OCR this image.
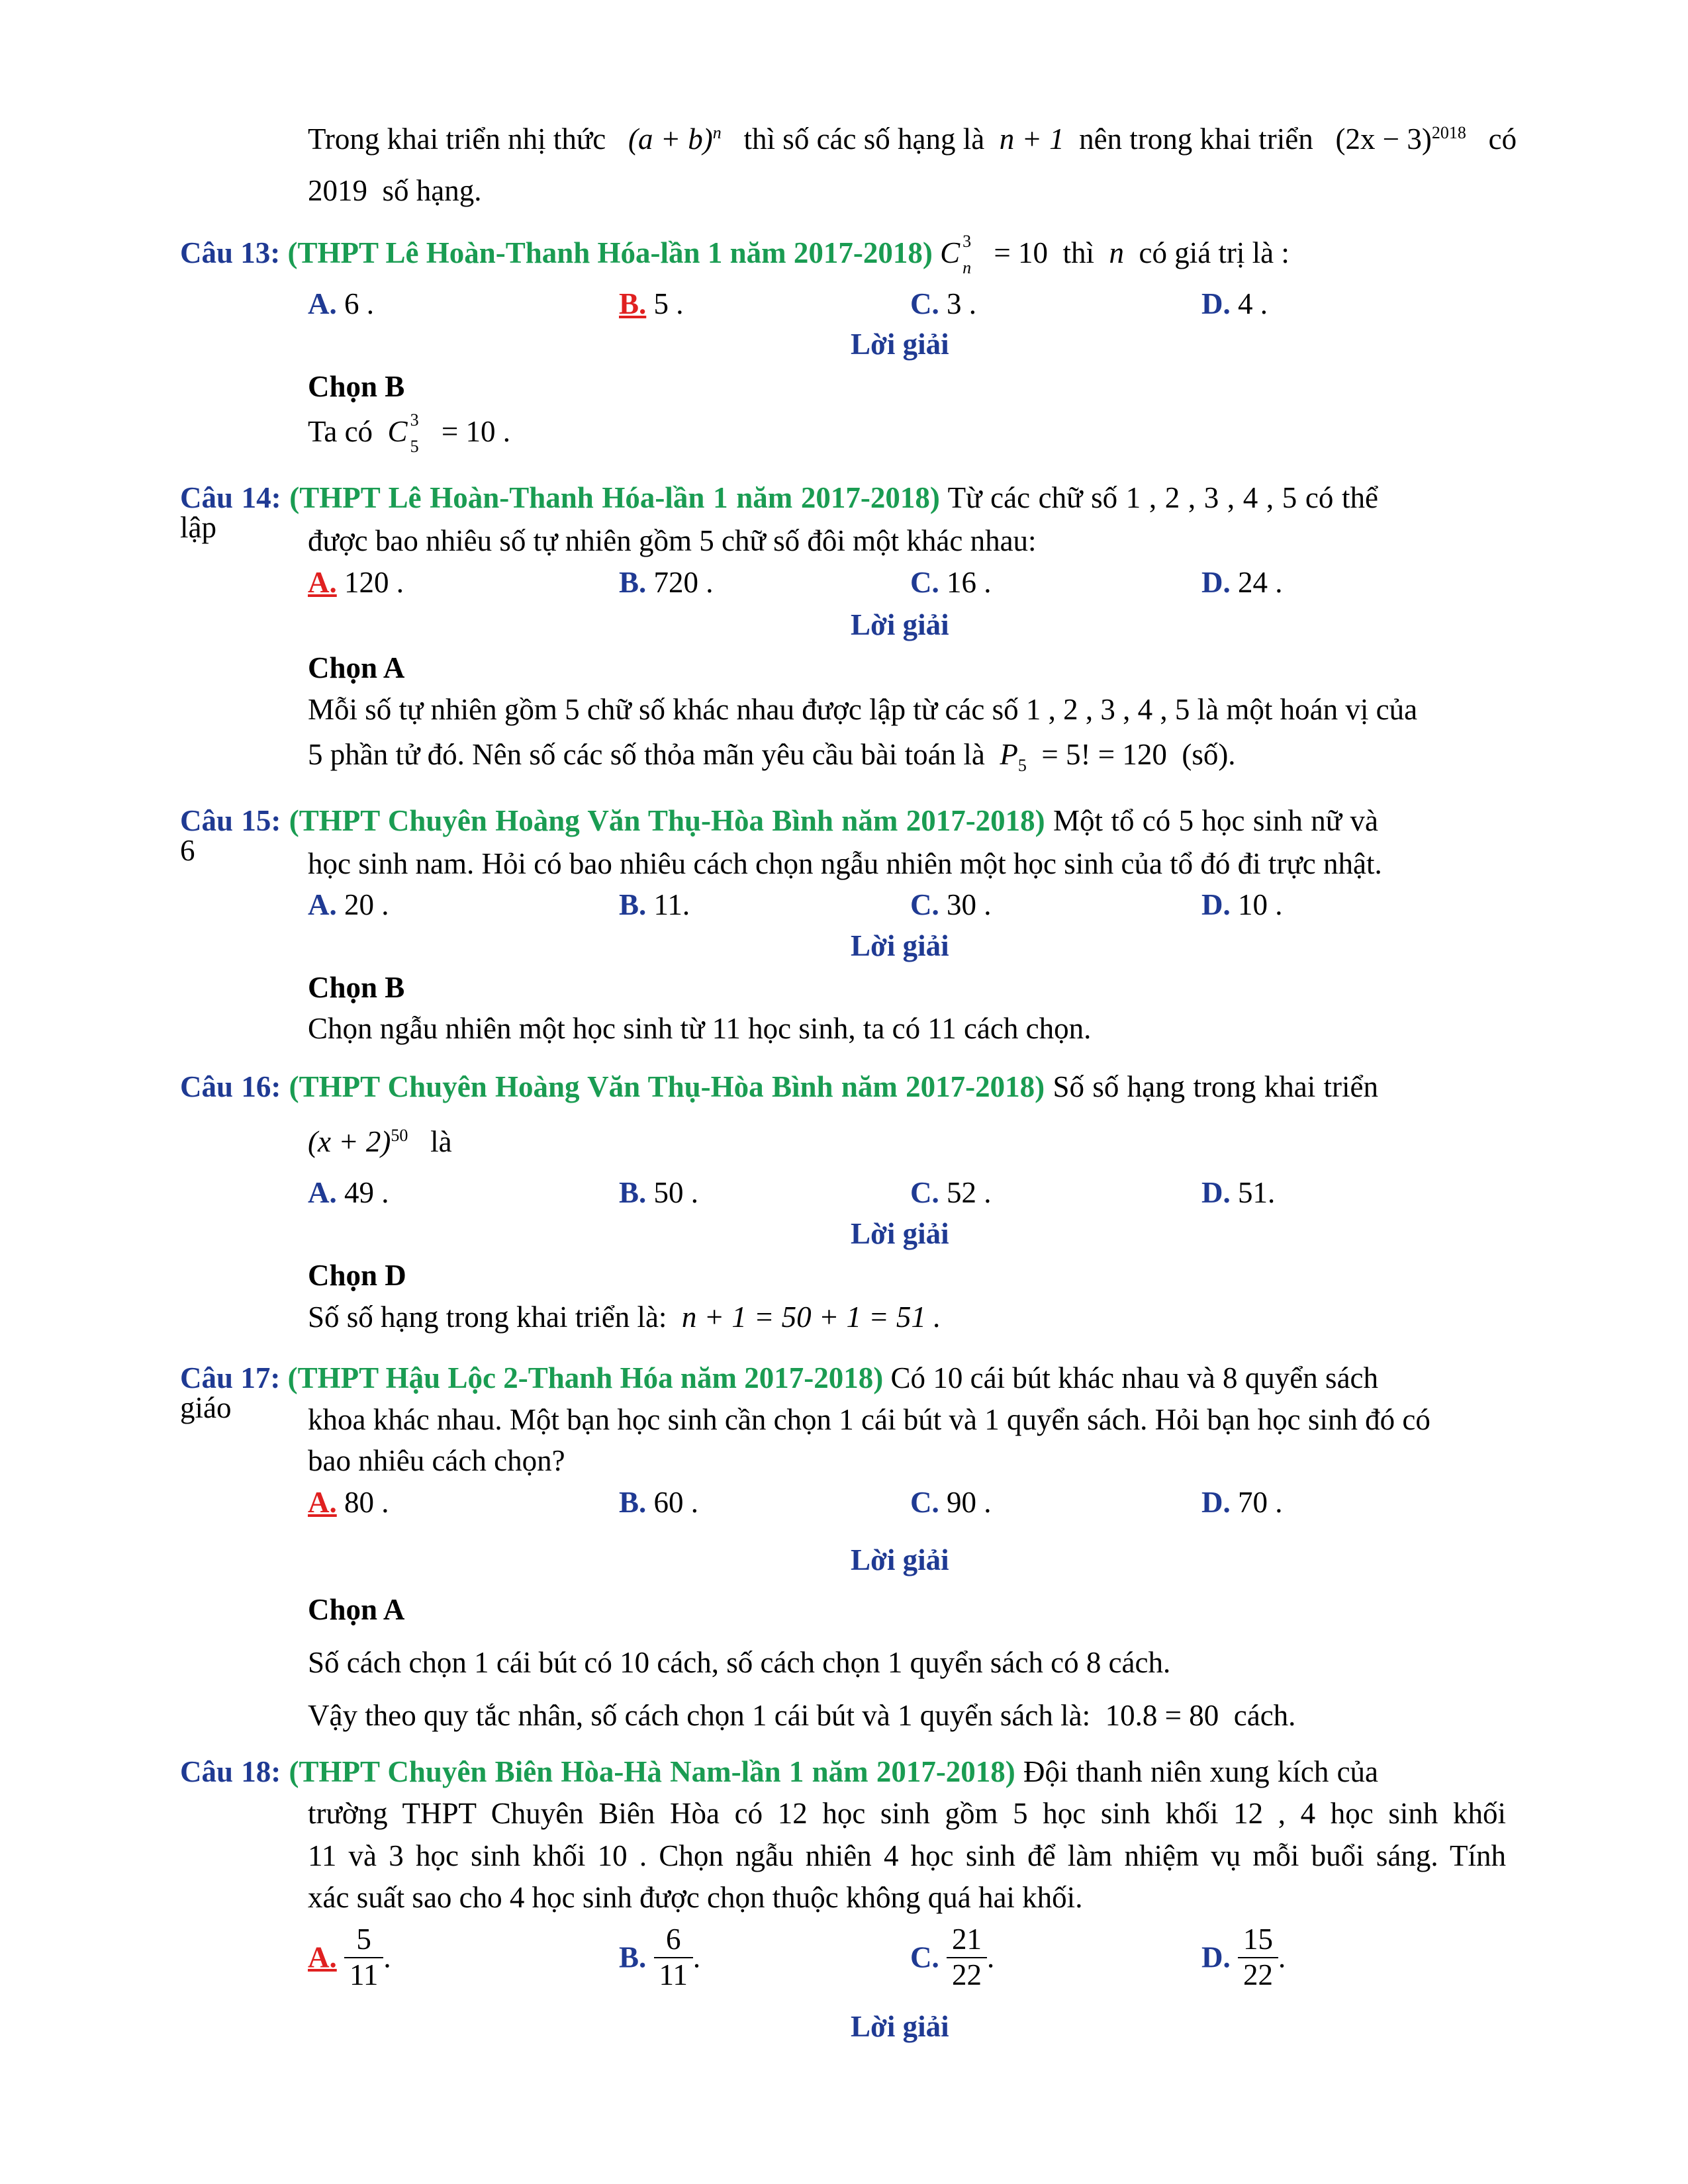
Trong khai triển nhị thức $(a + b)^n$ thì số các số hạng là n + 1 nên trong khai triển $(2x - 3)^{2018}$ có
2019 số hạng.
Câu 13: (THPT Lê Hoàn-Thanh Hóa-lần 1 năm 2017-2018) C 3
n = 10 thì n có giá trị là :
A. 6 .	B. 5 .	C. 3 .	D. 4 .
Lời giải
Chọn B
Ta có C 3
5 = 10 .
Câu 14: (THPT Lê Hoàn-Thanh Hóa-lần 1 năm 2017-2018) Từ các chữ số 1 , 2 , 3 , 4 , 5 có thể lập	được bao nhiêu số tự nhiên gồm 5 chữ số đôi một khác nhau:
A. 120 .	B. 720 .	C. 16 .	D. 24 .
Lời giải
Chọn A
Mỗi số tự nhiên gồm 5 chữ số khác nhau được lập từ các số 1 , 2 , 3 , 4 , 5 là một hoán vị của
5 phần tử đó. Nên số các số thỏa mãn yêu cầu bài toán là $P_5 = 5$! = 120 (số).
Câu 15: (THPT Chuyên Hoàng Văn Thụ-Hòa Bình năm 2017-2018) Một tổ có 5 học sinh nữ và 6	học sinh nam. Hỏi có bao nhiêu cách chọn ngẫu nhiên một học sinh của tổ đó đi trực nhật.
A. 20 .	B. 11.	C. 30 .	D. 10 .
Lời giải
Chọn B
Chọn ngẫu nhiên một học sinh từ 11 học sinh, ta có 11 cách chọn.
Câu 16: (THPT Chuyên Hoàng Văn Thụ-Hòa Bình năm 2017-2018) Số số hạng trong khai triển
$(x + 2)^{50}$ là
A. 49 .	B. 50 .	C. 52 .	D. 51.
Lời giải
Chọn D
Số số hạng trong khai triển là: n + 1 = 50 + 1 = 51 .
Câu 17: (THPT Hậu Lộc 2-Thanh Hóa năm 2017-2018) Có 10 cái bút khác nhau và 8 quyển sách giáo	khoa khác nhau. Một bạn học sinh cần chọn 1 cái bút và 1 quyển sách. Hỏi bạn học sinh đó có
bao nhiêu cách chọn?
A. 80 .	B. 60 .	C. 90 .	D. 70 .
Lời giải
Chọn A
Số cách chọn 1 cái bút có 10 cách, số cách chọn 1 quyển sách có 8 cách.
Vậy theo quy tắc nhân, số cách chọn 1 cái bút và 1 quyển sách là: 10.8 = 80 cách.
Câu 18: (THPT Chuyên Biên Hòa-Hà Nam-lần 1 năm 2017-2018) Đội thanh niên xung kích của
trường THPT Chuyên Biên Hòa có 12 học sinh gồm 5 học sinh khối 12 , 4 học sinh khối
11 và 3 học sinh khối 10 . Chọn ngẫu nhiên 4 học sinh để làm nhiệm vụ mỗi buổi sáng. Tính
xác suất sao cho 4 học sinh được chọn thuộc không quá hai khối.
A. $\frac{5}{11}$ .	B. $\frac{6}{11}$ .	C. $\frac{21}{22}$ .	D. $\frac{15}{22}$ .
Lời giải
